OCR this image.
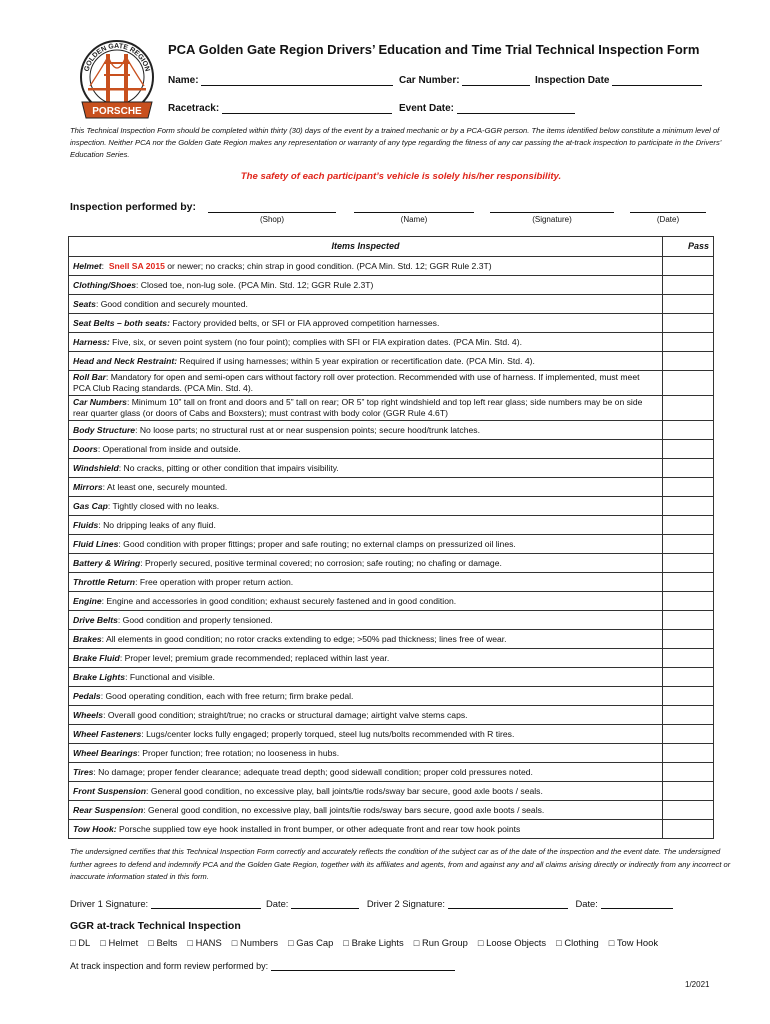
GOLDEN GATE REGION
PORSCHE
PCA Golden Gate Region Drivers’ Education and Time Trial Technical Inspection Form
Name:	Car Number:	Inspection Date
Racetrack:	Event Date:
This Technical Inspection Form should be completed within thirty (30) days of the event by a trained mechanic or by a PCA-GGR person. The items identified below constitute a minimum level of inspection. Neither PCA nor the Golden Gate Region makes any representation or warranty of any type regarding the fitness of any car passing the at-track inspection to participate in the Drivers’ Education Series.
The safety of each participant’s vehicle is solely his/her responsibility.
Inspection performed by:
(Shop)	(Name)	(Signature)	(Date)
Items Inspected	Pass
Helmet:  Snell SA 2015 or newer; no cracks; chin strap in good condition. (PCA Min. Std. 12; GGR Rule 2.3T)	
Clothing/Shoes: Closed toe, non-lug sole. (PCA Min. Std. 12; GGR Rule 2.3T)	
Seats: Good condition and securely mounted.	
Seat Belts – both seats: Factory provided belts, or SFI or FIA approved competition harnesses.	
Harness: Five, six, or seven point system (no four point); complies with SFI or FIA expiration dates. (PCA Min. Std. 4).	
Head and Neck Restraint: Required if using harnesses; within 5 year expiration or recertification date. (PCA Min. Std. 4).	
Roll Bar: Mandatory for open and semi-open cars without factory roll over protection. Recommended with use of harness. If implemented, must meet PCA Club Racing standards. (PCA Min. Std. 4).	
Car Numbers: Minimum 10” tall on front and doors and 5” tall on rear; OR 5” top right windshield and top left rear glass; side numbers may be on side rear quarter glass (or doors of Cabs and Boxsters); must contrast with body color (GGR Rule 4.6T)	
Body Structure: No loose parts; no structural rust at or near suspension points; secure hood/trunk latches.	
Doors: Operational from inside and outside.	
Windshield: No cracks, pitting or other condition that impairs visibility.	
Mirrors: At least one, securely mounted.	
Gas Cap: Tightly closed with no leaks.	
Fluids: No dripping leaks of any fluid.	
Fluid Lines: Good condition with proper fittings; proper and safe routing; no external clamps on pressurized oil lines.	
Battery & Wiring: Properly secured, positive terminal covered; no corrosion; safe routing; no chafing or damage.	
Throttle Return: Free operation with proper return action.	
Engine: Engine and accessories in good condition; exhaust securely fastened and in good condition.	
Drive Belts: Good condition and properly tensioned.	
Brakes: All elements in good condition; no rotor cracks extending to edge; >50% pad thickness; lines free of wear.	
Brake Fluid: Proper level; premium grade recommended; replaced within last year.	
Brake Lights: Functional and visible.	
Pedals: Good operating condition, each with free return; firm brake pedal.	
Wheels: Overall good condition; straight/true; no cracks or structural damage; airtight valve stems caps.	
Wheel Fasteners: Lugs/center locks fully engaged; properly torqued, steel lug nuts/bolts recommended with R tires.	
Wheel Bearings: Proper function; free rotation; no looseness in hubs.	
Tires: No damage; proper fender clearance; adequate tread depth; good sidewall condition; proper cold pressures noted.	
Front Suspension: General good condition, no excessive play, ball joints/tie rods/sway bar secure, good axle boots / seals.	
Rear Suspension: General good condition, no excessive play, ball joints/tie rods/sway bars secure, good axle boots / seals.	
Tow Hook: Porsche supplied tow eye hook installed in front bumper, or other adequate front and rear tow hook points	
The undersigned certifies that this Technical Inspection Form correctly and accurately reflects the condition of the subject car as of the date of the inspection and the event date. The undersigned further agrees to defend and indemnify PCA and the Golden Gate Region, together with its affiliates and agents, from and against any and all claims arising directly or indirectly from any incorrect or inaccurate information stated in this form.
Driver 1 Signature:	Date:	Driver 2 Signature:	Date:
GGR at-track Technical Inspection
□ DL □ Helmet □ Belts □ HANS □ Numbers □ Gas Cap □ Brake Lights □ Run Group □ Loose Objects □ Clothing □ Tow Hook
At track inspection and form review performed by:
1/2021
